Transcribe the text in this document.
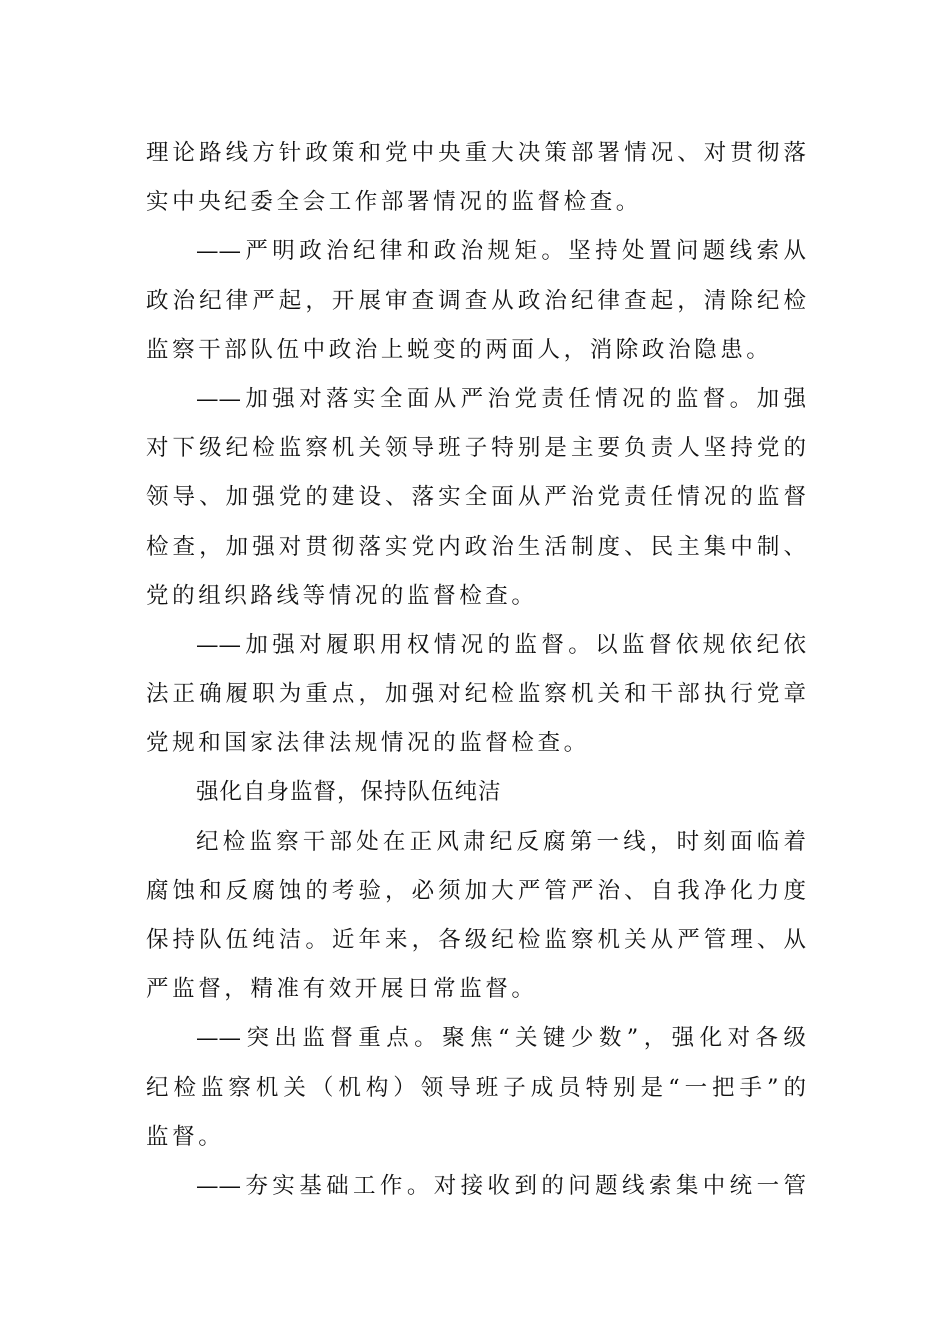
理论路线方针政策和党中央重大决策部署情况、对贯彻落
实中央纪委全会工作部署情况的监督检查。
——严明政治纪律和政治规矩。坚持处置问题线索从
政治纪律严起，开展审查调查从政治纪律查起，清除纪检
监察干部队伍中政治上蜕变的两面人，消除政治隐患。
——加强对落实全面从严治党责任情况的监督。加强
对下级纪检监察机关领导班子特别是主要负责人坚持党的
领导、加强党的建设、落实全面从严治党责任情况的监督
检查，加强对贯彻落实党内政治生活制度、民主集中制、
党的组织路线等情况的监督检查。
——加强对履职用权情况的监督。以监督依规依纪依
法正确履职为重点，加强对纪检监察机关和干部执行党章
党规和国家法律法规情况的监督检查。
强化自身监督，保持队伍纯洁
纪检监察干部处在正风肃纪反腐第一线，时刻面临着
腐蚀和反腐蚀的考验，必须加大严管严治、自我净化力度
保持队伍纯洁。近年来，各级纪检监察机关从严管理、从
严监督，精准有效开展日常监督。
——突出监督重点。聚焦“关键少数”，强化对各级
纪检监察机关（机构）领导班子成员特别是“一把手”的
监督。
——夯实基础工作。对接收到的问题线索集中统一管
